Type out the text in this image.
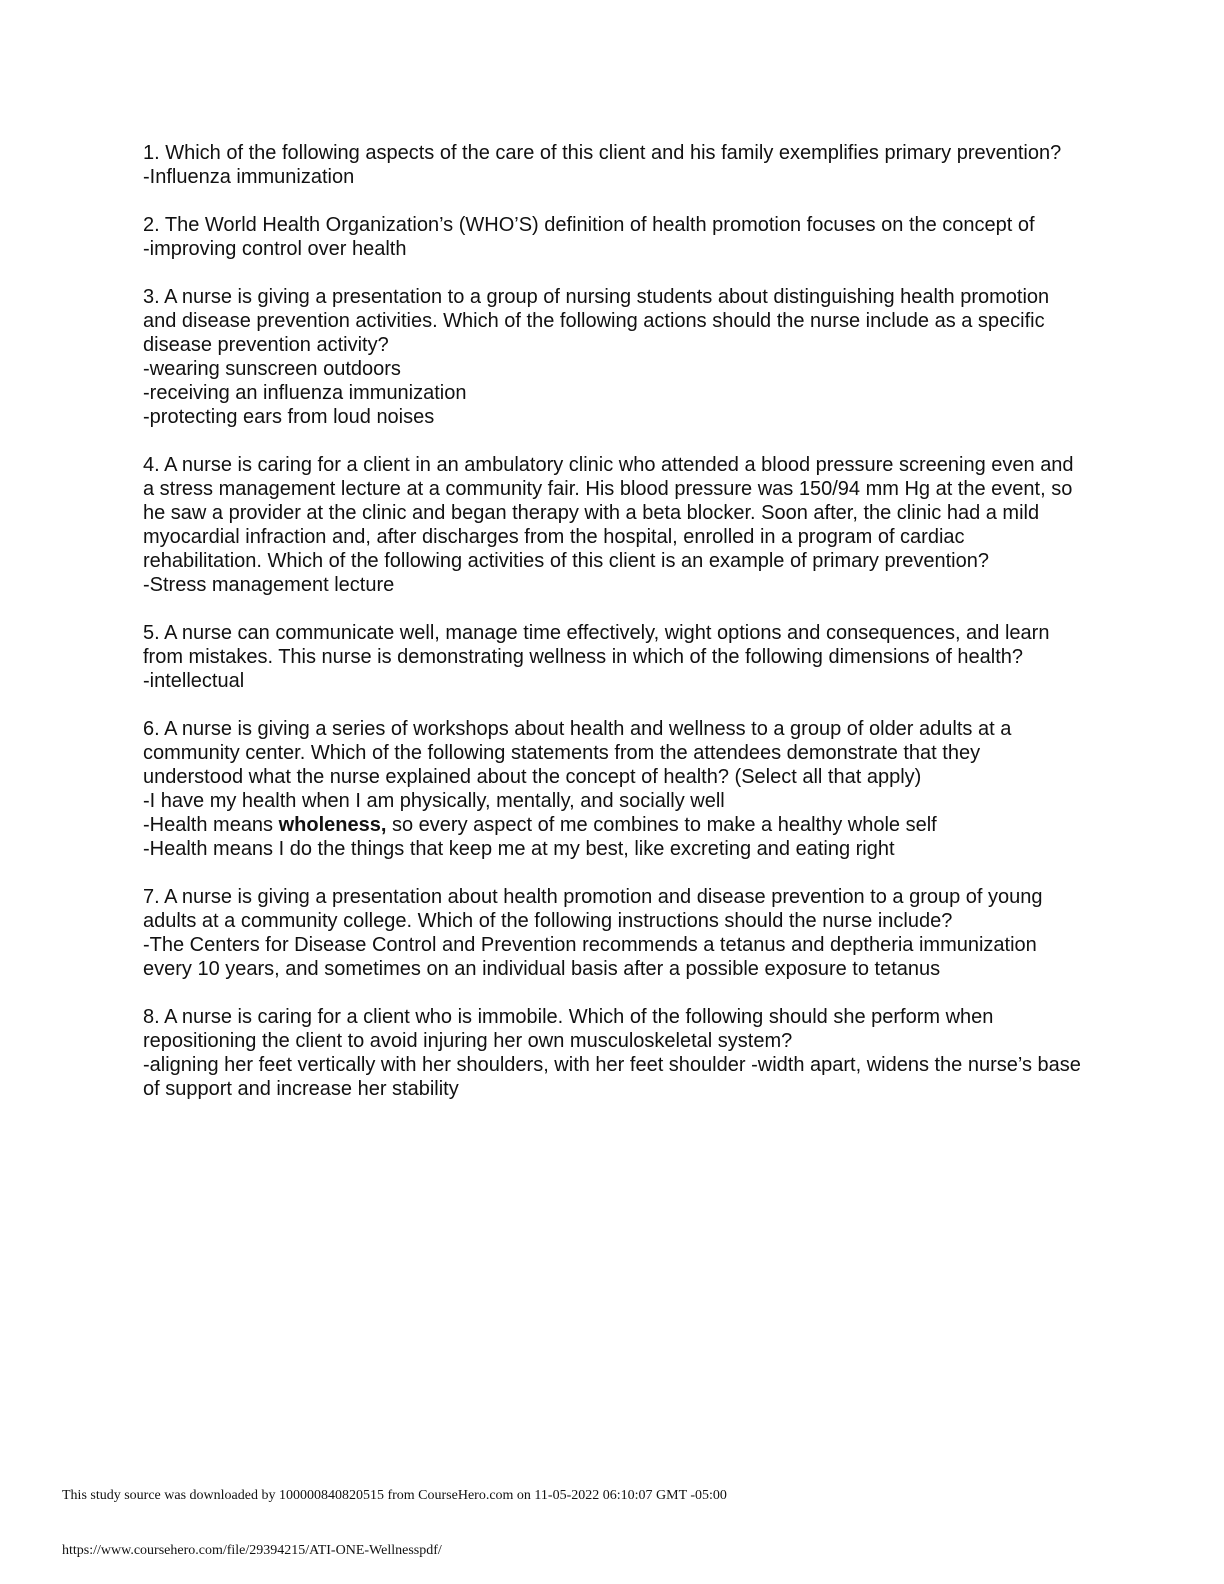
1. Which of the following aspects of the care of this client and his family exemplifies primary prevention?
-Influenza immunization
2. The World Health Organization’s (WHO’S) definition of health promotion focuses on the concept of
-improving control over health
3. A nurse is giving a presentation to a group of nursing students about distinguishing health promotion and disease prevention activities. Which of the following actions should the nurse include as a specific disease prevention activity?
-wearing sunscreen outdoors
-receiving an influenza immunization
-protecting ears from loud noises
4. A nurse is caring for a client in an ambulatory clinic who attended a blood pressure screening even and a stress management lecture at a community fair. His blood pressure was 150/94 mm Hg at the event, so he saw a provider at the clinic and began therapy with a beta blocker. Soon after, the clinic had a mild myocardial infraction and, after discharges from the hospital, enrolled in a program of cardiac rehabilitation. Which of the following activities of this client is an example of primary prevention?
-Stress management lecture
5. A nurse can communicate well, manage time effectively, wight options and consequences, and learn from mistakes. This nurse is demonstrating wellness in which of the following dimensions of health?
-intellectual
6. A nurse is giving a series of workshops about health and wellness to a group of older adults at a community center. Which of the following statements from the attendees demonstrate that they understood what the nurse explained about the concept of health? (Select all that apply)
-I have my health when I am physically, mentally, and socially well
-Health means wholeness, so every aspect of me combines to make a healthy whole self
-Health means I do the things that keep me at my best, like excreting and eating right
7. A nurse is giving a presentation about health promotion and disease prevention to a group of young adults at a community college. Which of the following instructions should the nurse include?
-The Centers for Disease Control and Prevention recommends a tetanus and deptheria immunization every 10 years, and sometimes on an individual basis after a possible exposure to tetanus
8. A nurse is caring for a client who is immobile. Which of the following should she perform when repositioning the client to avoid injuring her own musculoskeletal system?
-aligning her feet vertically with her shoulders, with her feet shoulder -width apart, widens the nurse’s base of support and increase her stability
This study source was downloaded by 100000840820515 from CourseHero.com on 11-05-2022 06:10:07 GMT -05:00
https://www.coursehero.com/file/29394215/ATI-ONE-Wellnesspdf/
